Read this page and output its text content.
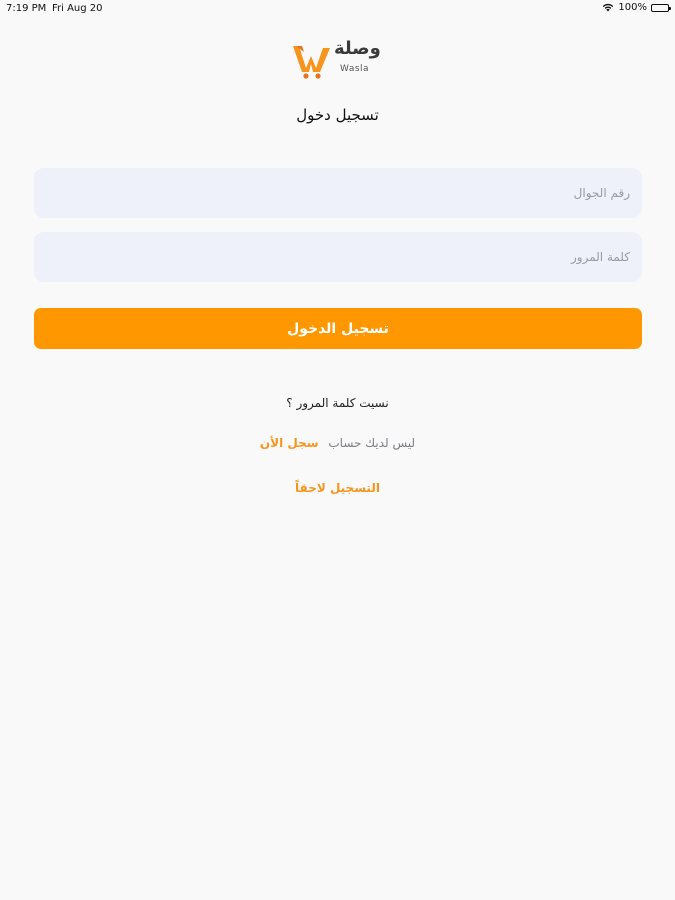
7:19 PM Fri Aug 20	100%
وصلة
Wasla
تسجيل دخول
رقم الجوال
تسجيل الدخول
نسيت كلمة المرور ؟
ليس لديك حساب سجل الأن
التسجيل لاحقاً
